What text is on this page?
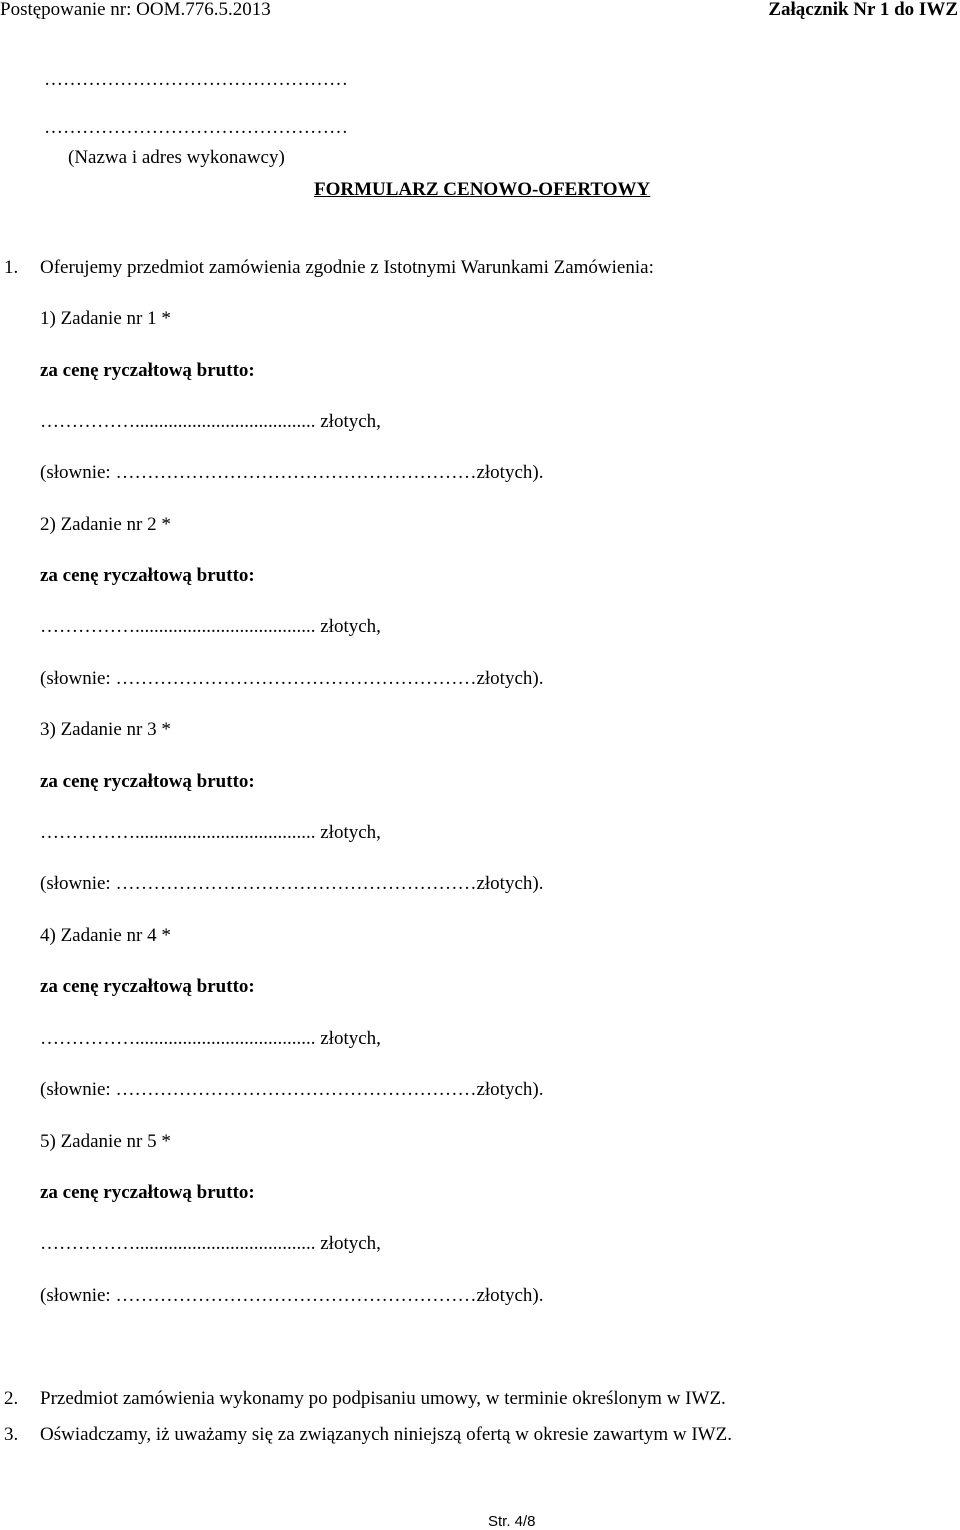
Postępowanie nr: OOM.776.5.2013	Załącznik Nr 1 do IWZ
…………………………………………
…………………………………………
(Nazwa i adres wykonawcy)
FORMULARZ CENOWO-OFERTOWY
1. Oferujemy przedmiot zamówienia zgodnie z Istotnymi Warunkami Zamówienia:
1) Zadanie nr 1 *
za cenę ryczałtową brutto:
……………...................................... złotych,
(słownie: …………………………………………………złotych).
2) Zadanie nr 2 *
za cenę ryczałtową brutto:
……………...................................... złotych,
(słownie: …………………………………………………złotych).
3) Zadanie nr 3 *
za cenę ryczałtową brutto:
……………...................................... złotych,
(słownie: …………………………………………………złotych).
4) Zadanie nr 4 *
za cenę ryczałtową brutto:
……………...................................... złotych,
(słownie: …………………………………………………złotych).
5) Zadanie nr 5 *
za cenę ryczałtową brutto:
……………...................................... złotych,
(słownie: …………………………………………………złotych).
2. Przedmiot zamówienia wykonamy po podpisaniu umowy, w terminie określonym w IWZ.
3. Oświadczamy, iż uważamy się za związanych niniejszą ofertą w okresie zawartym w IWZ.
Str. 4/8
